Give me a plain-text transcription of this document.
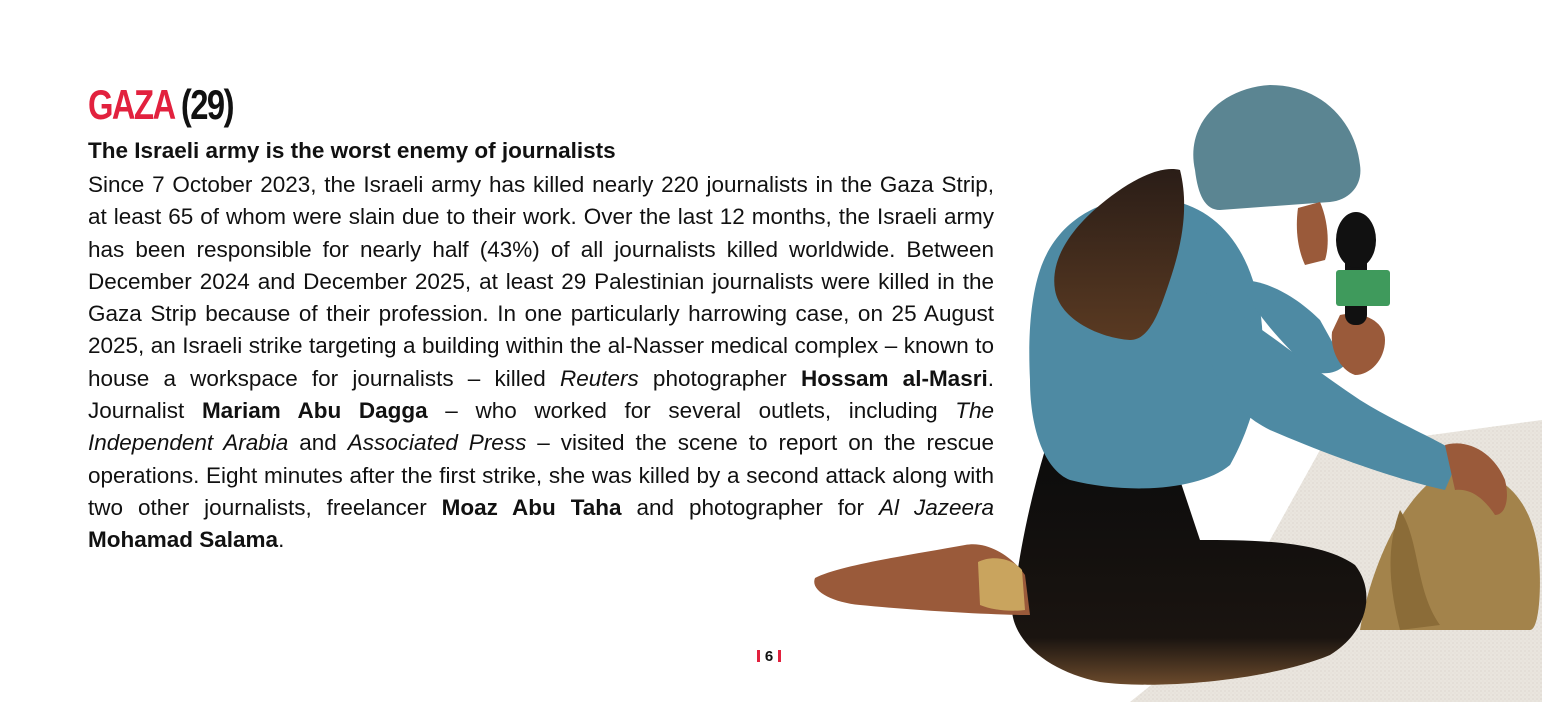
GAZA (29)
The Israeli army is the worst enemy of journalists

Since 7 October 2023, the Israeli army has killed nearly 220 journalists in the Gaza Strip, at least 65 of whom were slain due to their work. Over the last 12 months, the Israeli army has been responsible for nearly half (43%) of all journalists killed worldwide. Between December 2024 and December 2025, at least 29 Palestinian journalists were killed in the Gaza Strip because of their profession. In one particularly harrowing case, on 25 August 2025, an Israeli strike targeting a building within the al-Nasser medical complex – known to house a workspace for journalists – killed Reuters photographer Hossam al-Masri. Journalist Mariam Abu Dagga – who worked for several outlets, including The Independent Arabia and Associated Press – visited the scene to report on the rescue operations. Eight minutes after the first strike, she was killed by a second attack along with two other journalists, freelancer Moaz Abu Taha and photographer for Al Jazeera Mohamad Salama.

6
